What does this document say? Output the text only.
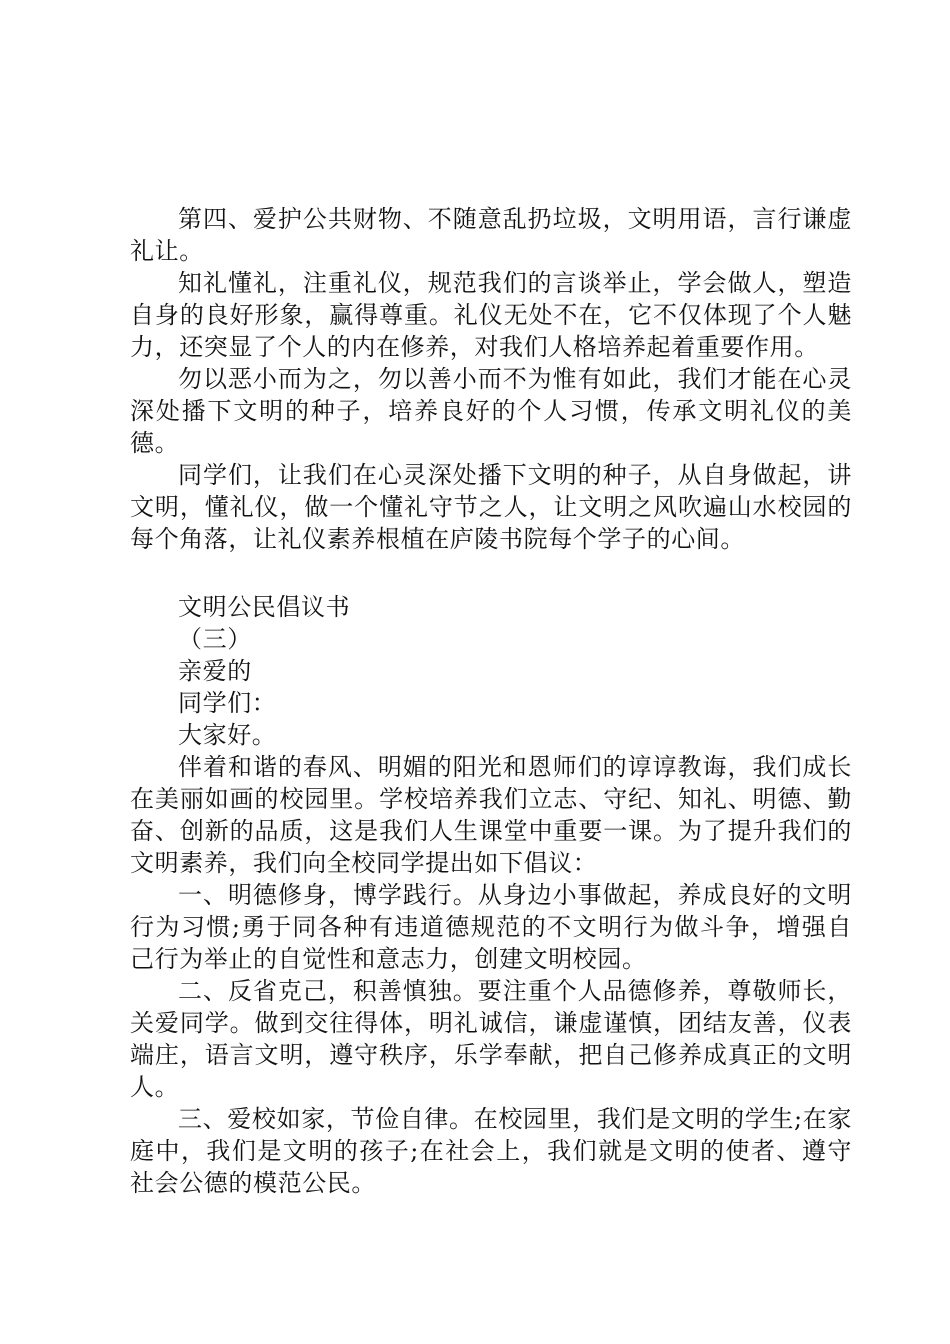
第四、爱护公共财物、不随意乱扔垃圾，文明用语，言行谦虚礼让。

知礼懂礼，注重礼仪，规范我们的言谈举止，学会做人，塑造自身的良好形象，赢得尊重。礼仪无处不在，它不仅体现了个人魅力，还突显了个人的内在修养，对我们人格培养起着重要作用。

勿以恶小而为之，勿以善小而不为惟有如此，我们才能在心灵深处播下文明的种子，培养良好的个人习惯，传承文明礼仪的美德。

同学们，让我们在心灵深处播下文明的种子，从自身做起，讲文明，懂礼仪，做一个懂礼守节之人，让文明之风吹遍山水校园的每个角落，让礼仪素养根植在庐陵书院每个学子的心间。

文明公民倡议书

（三）

亲爱的

同学们：

大家好。

伴着和谐的春风、明媚的阳光和恩师们的谆谆教诲，我们成长在美丽如画的校园里。学校培养我们立志、守纪、知礼、明德、勤奋、创新的品质，这是我们人生课堂中重要一课。为了提升我们的文明素养，我们向全校同学提出如下倡议：

一、明德修身，博学践行。从身边小事做起，养成良好的文明行为习惯;勇于同各种有违道德规范的不文明行为做斗争，增强自己行为举止的自觉性和意志力，创建文明校园。

二、反省克己，积善慎独。要注重个人品德修养，尊敬师长，关爱同学。做到交往得体，明礼诚信，谦虚谨慎，团结友善，仪表端庄，语言文明，遵守秩序，乐学奉献，把自己修养成真正的文明人。

三、爱校如家，节俭自律。在校园里，我们是文明的学生;在家庭中，我们是文明的孩子;在社会上，我们就是文明的使者、遵守社会公德的模范公民。
